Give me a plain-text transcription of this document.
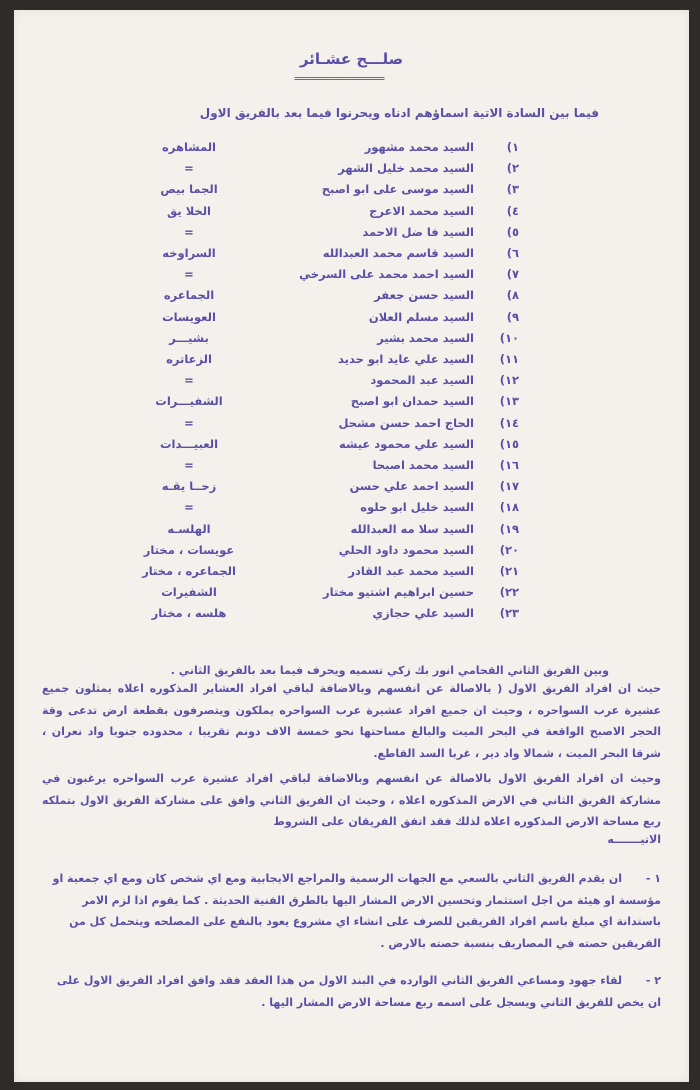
صلـــح عشـائر
================
فيما بين السادة الاتية اسماؤهم ادناه ويحرنوا فيما بعد بالفريق الاول
١)
السيد محمد مشهور
المشاهره
٢)
السيد محمد خليل الشهر
=
٣)
السيد موسى على ابو اصبح
الجما بيص
٤)
السيد محمد الاعرج
الخلا يق
٥)
السيد فا ضل الاحمد
=
٦)
السيد قاسم محمد العبدالله
السراوخه
٧)
السيد احمد محمد على السرخي
=
٨)
السيد حسن جعفر
الجماعره
٩)
السيد مسلم العلان
العويسات
١٠)
السيد محمد بشير
بشيـــر
١١)
السيد علي عايد ابو حديد
الزعاتره
١٢)
السيد عبد المحمود
=
١٣)
السيد حمدان ابو اصبح
الشفيـــرات
١٤)
الحاج احمد حسن مشحل
=
١٥)
السيد علي محمود عيشه
العبيـــدات
١٦)
السيد محمد اصبحا
=
١٧)
السيد احمد علي حسن
زحــا يقـه
١٨)
السيد خليل ابو حلوه
=
١٩)
السيد سلا مه العبدالله
الهلسـه
٢٠)
السيد محمود داود الحلي
عويسات ، مختار
٢١)
السيد محمد عبد القادر
الجماعره ، مختار
٢٢)
حسين ابراهيم اشتيو مختار
الشفيرات
٢٣)
السيد علي حجازي
هلسه ، مختار
وبين الفريق الثاني القحامي انور بك زكي تسميه ويحرف فيما بعد بالفريق الثاني .
حيث ان افراد الفريق الاول ( بالاصالة عن انفسهم وبالاضافة لباقي افراد العشاير المذكوره اعلاه يمثلون جميع عشيرة عرب السواحره ، وحيث ان جميع افراد عشيرة عرب السواحره يملكون ويتصرفون بقطعة ارض تدعى وقة الحجر الاصبح الواقعة في البحر الميت والبالغ مساحتها نحو خمسة الاف دونم تقريبا ، محدوده جنوبا واد نعران ، شرقا البحر الميت ، شمالا واد دير ، غربا السد القاطع.
وحيث ان افراد الفريق الاول بالاصالة عن انفسهم وبالاضافة لباقي افراد عشيرة عرب السواحره يرغبون في مشاركة الفريق الثاني في الارض المذكوره اعلاه ، وحيث ان الفريق الثاني وافق على مشاركة الفريق الاول بتملكه ربع مساحة الارض المذكوره اعلاه لذلك فقد اتفق الفريقان على الشروط
الاتيـــــــه
١ - ان يقدم الفريق الثاني بالسعي مع الجهات الرسمية والمراجع الايجابية ومع اي شخص كان ومع اي جمعية او مؤسسة او هيئة من اجل استثمار وتحسين الارض المشار اليها بالطرق الفنية الحديثة . كما يقوم اذا لزم الامر باستدانة اي مبلغ باسم افراد الفريقين للصرف على انشاء اي مشروع يعود بالنفع على المصلحه ويتحمل كل من الفريقين حصته في المصاريف بنسبة حصته بالارض .
٢ - لقاء جهود ومساعي الفريق الثاني الوارده في البند الاول من هذا العقد فقد وافق افراد الفريق الاول على ان يخص للفريق الثاني ويسجل على اسمه ربع مساحة الارض المشار اليها .
